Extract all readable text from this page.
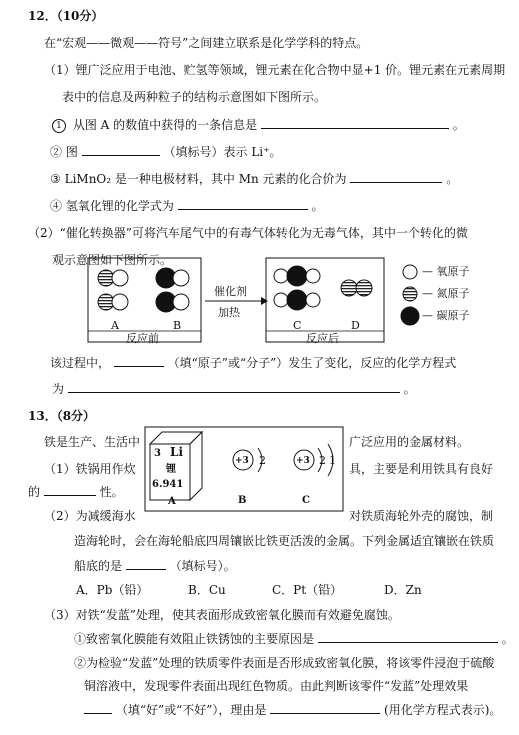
12．（10分）
在“宏观——微观——符号”之间建立联系是化学学科的特点。
（1）锂广泛应用于电池、贮氢等领域，锂元素在化合物中显+1 价。锂元素在元素周期
表中的信息及两种粒子的结构示意图如下图所示。
1 从图 A 的数值中获得的一条信息是	。
② 图	（填标号）表示 Li⁺。
③ LiMnO₂ 是一种电极材料，其中 Mn 元素的化合价为	。
④ 氢氧化锂的化学式为	。
（2）“催化转换器”可将汽车尾气中的有毒气体转化为无毒气体，其中一个转化的微
观示意图如下图所示。
A	B	C	D
反应前	反应后
催化剂
加热
— 氧原子
— 氮原子
— 碳原子
该过程中，	（填“原子”或“分子”）发生了变化，反应的化学方程式
为	。
13．（8分）
铁是生产、生活中	广泛应用的金属材料。
（1）铁锅用作炊	具，主要是利用铁具有良好
的	性。
（2）为减缓海水	对铁质海轮外壳的腐蚀，制
造海轮时，会在海轮船底四周镶嵌比铁更活泼的金属。下列金属适宜镶嵌在铁质
船底的是	（填标号）。
A．Pb（铅）	B．Cu	C．Pt（铅）	D．Zn
（3）对铁“发蓝”处理，使其表面形成致密氧化膜而有效避免腐蚀。
①致密氧化膜能有效阻止铁锈蚀的主要原因是	。
②为检验“发蓝”处理的铁质零件表面是否形成致密氧化膜，将该零件浸泡于硫酸
铜溶液中，发现零件表面出现红色物质。由此判断该零件“发蓝”处理效果
（填“好”或“不好”），理由是	(用化学方程式表示)。
3 Li
锂
6.941
A
+3 2
B
+3 2 1
C
